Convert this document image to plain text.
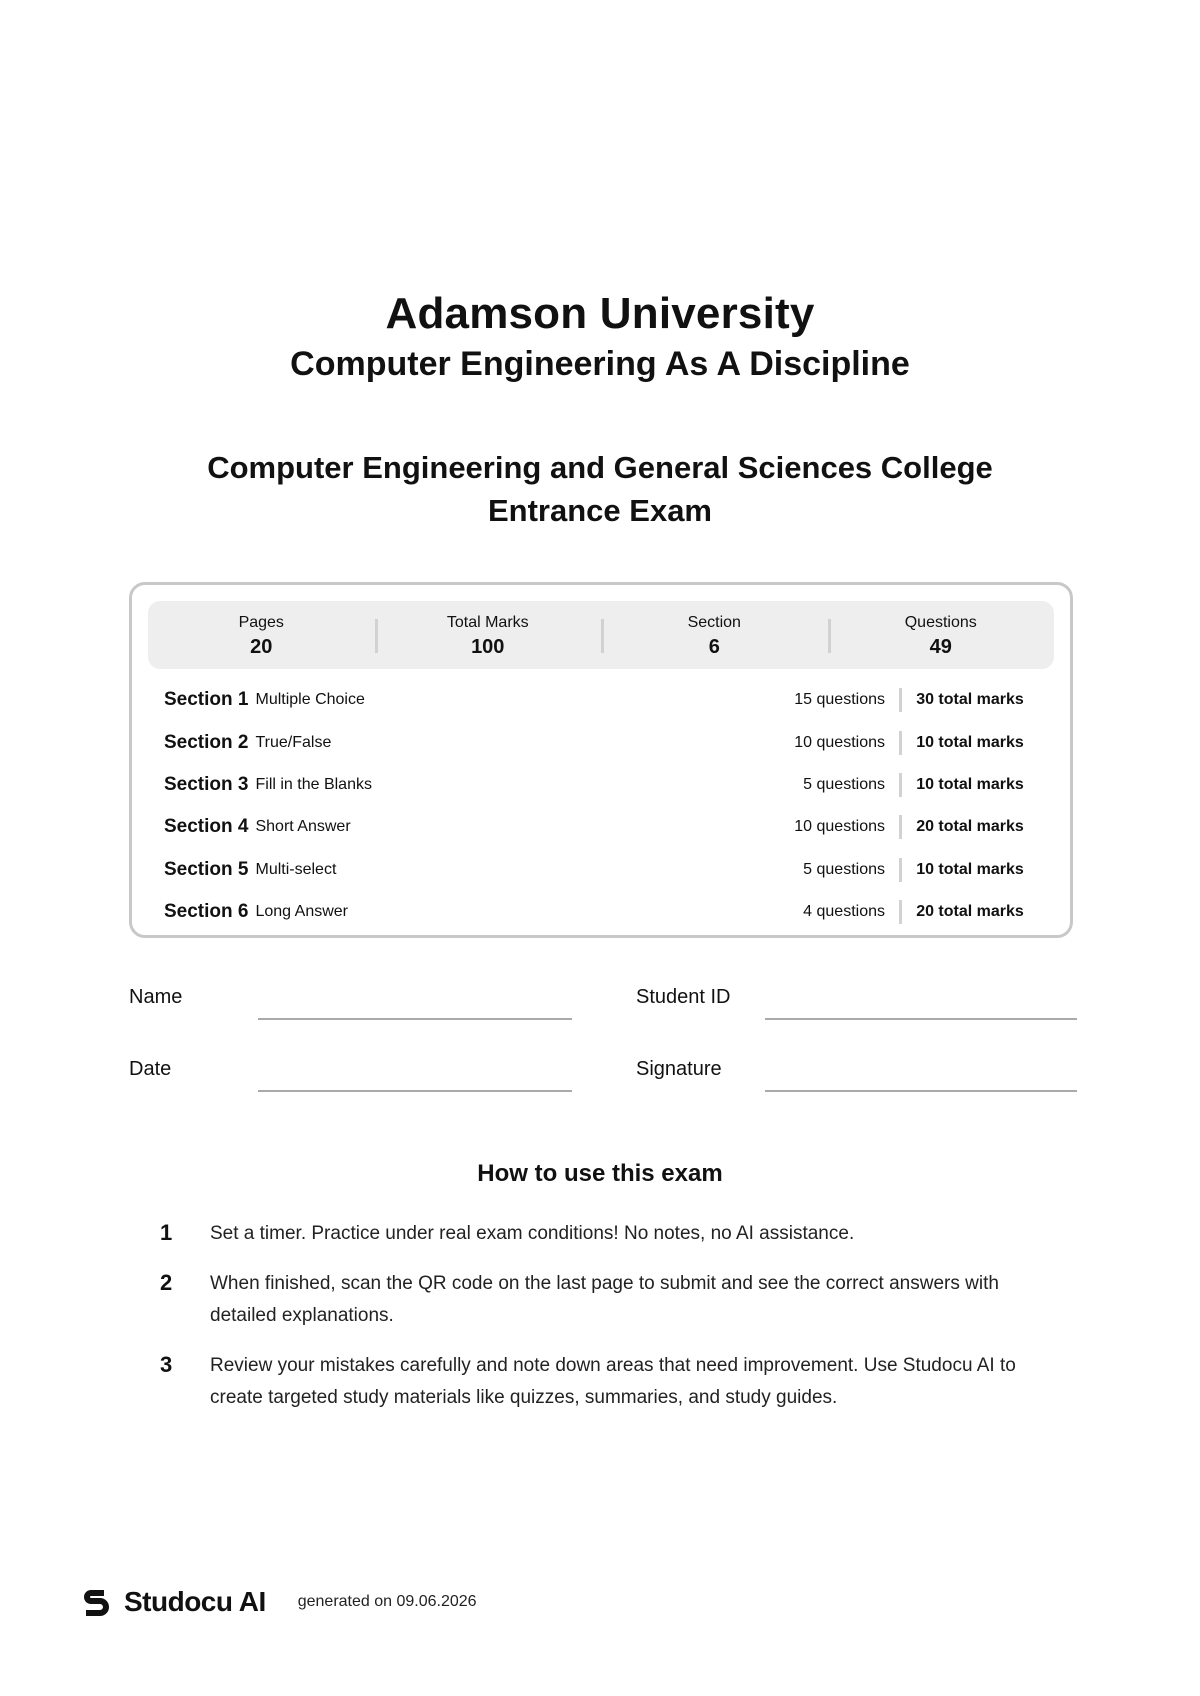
Adamson University
Computer Engineering As A Discipline
Computer Engineering and General Sciences College Entrance Exam
Pages
20
Total Marks
100
Section
6
Questions
49
Section 1 Multiple Choice	15 questions	30 total marks
Section 2 True/False	10 questions	10 total marks
Section 3 Fill in the Blanks	5 questions	10 total marks
Section 4 Short Answer	10 questions	20 total marks
Section 5 Multi-select	5 questions	10 total marks
Section 6 Long Answer	4 questions	20 total marks
Name	Student ID
Date	Signature
How to use this exam
1	Set a timer. Practice under real exam conditions! No notes, no AI assistance.
2	When finished, scan the QR code on the last page to submit and see the correct answers with detailed explanations.
3	Review your mistakes carefully and note down areas that need improvement. Use Studocu AI to create targeted study materials like quizzes, summaries, and study guides.
Studocu AI generated on 09.06.2026
